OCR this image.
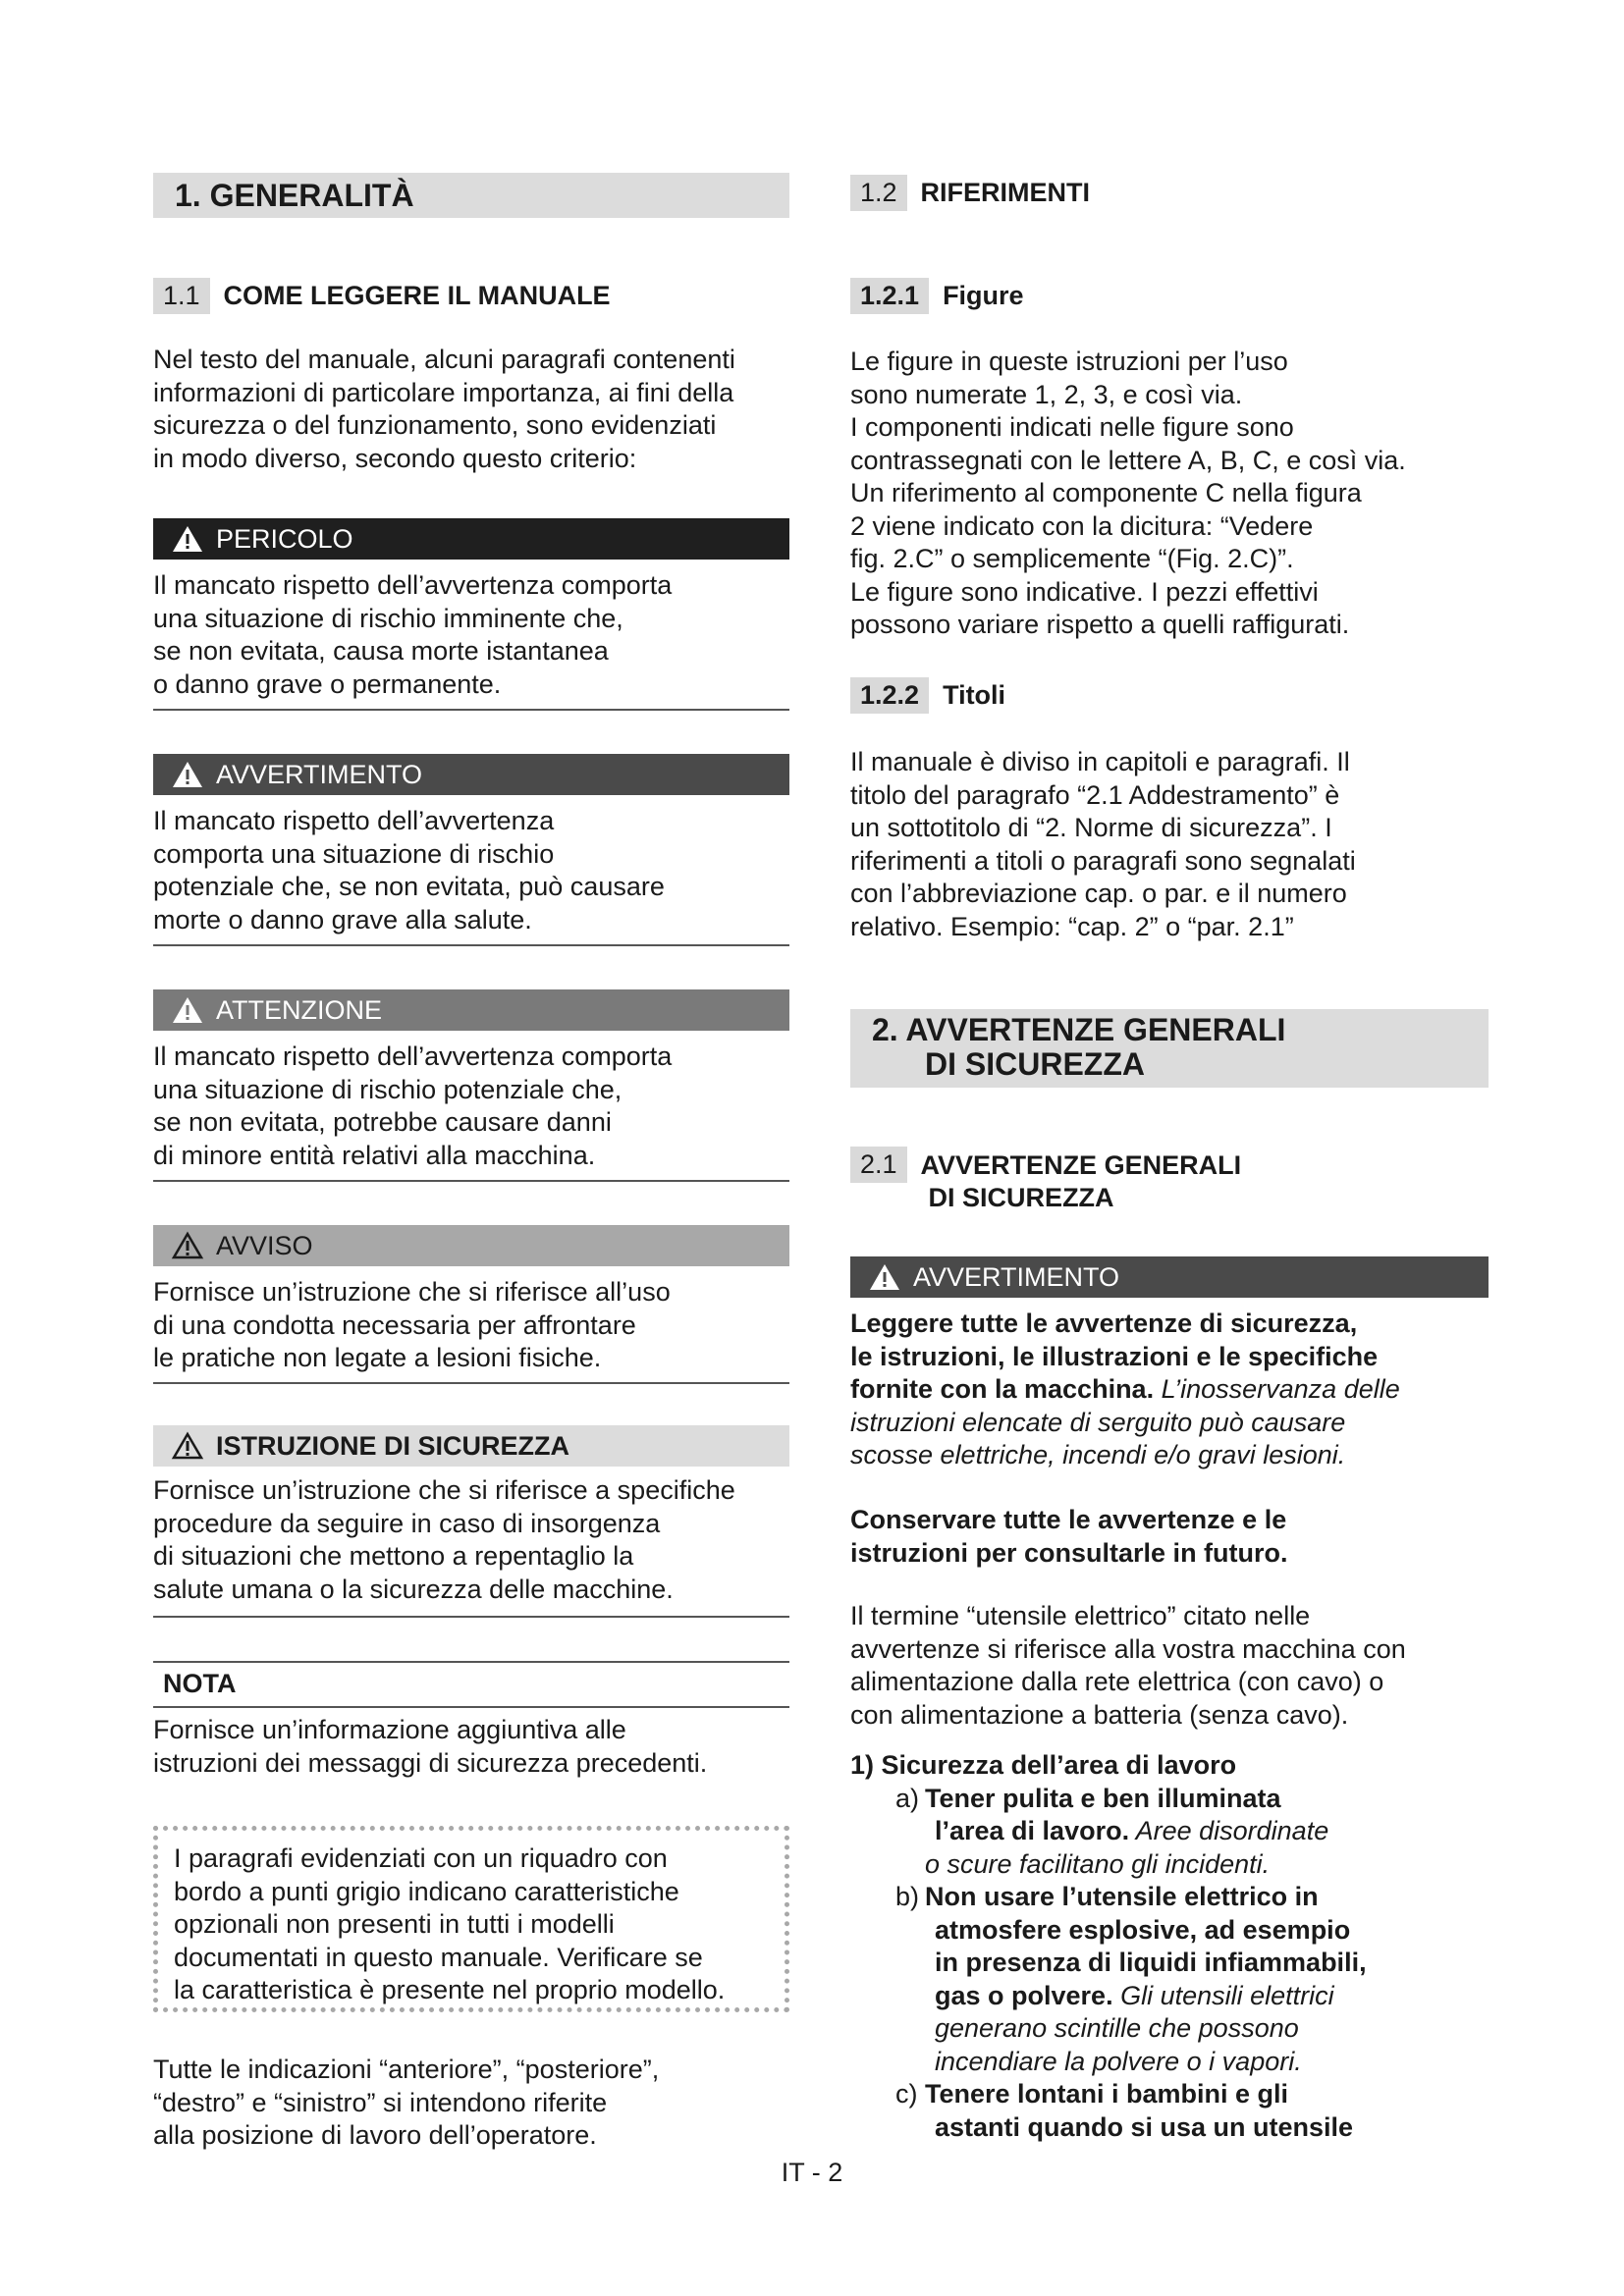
1. GENERALITÀ
1.1 COME LEGGERE IL MANUALE

Nel testo del manuale, alcuni paragrafi contenenti

informazioni di particolare importanza, ai fini della

sicurezza o del funzionamento, sono evidenziati

in modo diverso, secondo questo criterio:

PERICOLO

Il mancato rispetto dell’avvertenza comporta

una situazione di rischio imminente che,

se non evitata, causa morte istantanea

o danno grave o permanente.

AVVERTIMENTO

Il mancato rispetto dell’avvertenza

comporta una situazione di rischio

potenziale che, se non evitata, può causare

morte o danno grave alla salute.

ATTENZIONE

Il mancato rispetto dell’avvertenza comporta

una situazione di rischio potenziale che,

se non evitata, potrebbe causare danni

di minore entità relativi alla macchina.

AVVISO

Fornisce un’istruzione che si riferisce all’uso

di una condotta necessaria per affrontare

le pratiche non legate a lesioni fisiche.

ISTRUZIONE DI SICUREZZA

Fornisce un’istruzione che si riferisce a specifiche

procedure da seguire in caso di insorgenza

di situazioni che mettono a repentaglio la

salute umana o la sicurezza delle macchine.

NOTA

Fornisce un’informazione aggiuntiva alle

istruzioni dei messaggi di sicurezza precedenti.

I paragrafi evidenziati con un riquadro con

bordo a punti grigio indicano caratteristiche

opzionali non presenti in tutti i modelli

documentati in questo manuale. Verificare se

la caratteristica è presente nel proprio modello.

Tutte le indicazioni “anteriore”, “posteriore”,

“destro” e “sinistro” si intendono riferite

alla posizione di lavoro dell’operatore.

1.2 RIFERIMENTI
1.2.1 Figure

Le figure in queste istruzioni per l’uso

sono numerate 1, 2, 3, e così via.

I componenti indicati nelle figure sono

contrassegnati con le lettere A, B, C, e così via.

Un riferimento al componente C nella figura

2 viene indicato con la dicitura: “Vedere

fig. 2.C” o semplicemente “(Fig. 2.C)”.

Le figure sono indicative. I pezzi effettivi

possono variare rispetto a quelli raffigurati.

1.2.2 Titoli

Il manuale è diviso in capitoli e paragrafi. Il

titolo del paragrafo “2.1 Addestramento” è

un sottotitolo di “2. Norme di sicurezza”. I

riferimenti a titoli o paragrafi sono segnalati

con l’abbreviazione cap. o par. e il numero

relativo. Esempio: “cap. 2” o “par. 2.1”

2. AVVERTENZE GENERALI
DI SICUREZZA
2.1 AVVERTENZE GENERALI
DI SICUREZZA
AVVERTIMENTO

Leggere tutte le avvertenze di sicurezza,

le istruzioni, le illustrazioni e le specifiche

fornite con la macchina. L’inosservanza delle

istruzioni elencate di serguito può causare

scosse elettriche, incendi e/o gravi lesioni.

Conservare tutte le avvertenze e le

istruzioni per consultarle in futuro.

Il termine “utensile elettrico” citato nelle

avvertenze si riferisce alla vostra macchina con

alimentazione dalla rete elettrica (con cavo) o

con alimentazione a batteria (senza cavo).

1) Sicurezza dell’area di lavoro

a) Tener pulita e ben illuminata

l’area di lavoro. Aree disordinate

o scure facilitano gli incidenti.

b) Non usare l’utensile elettrico in

atmosfere esplosive, ad esempio

in presenza di liquidi infiammabili,

gas o polvere. Gli utensili elettrici

generano scintille che possono

incendiare la polvere o i vapori.

c) Tenere lontani i bambini e gli

astanti quando si usa un utensile

IT - 2
